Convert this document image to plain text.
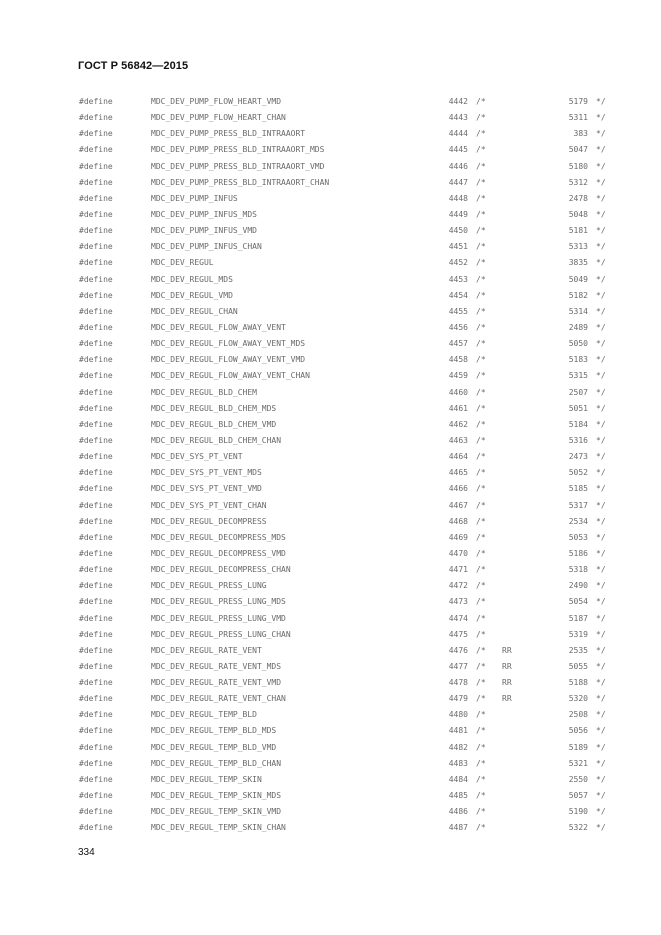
ГОСТ Р 56842—2015
#define	MDC_DEV_PUMP_FLOW_HEART_VMD	4442 /*	5179 */
#define	MDC_DEV_PUMP_FLOW_HEART_CHAN	4443 /*	5311 */
#define	MDC_DEV_PUMP_PRESS_BLD_INTRAAORT	4444 /*	383 */
#define	MDC_DEV_PUMP_PRESS_BLD_INTRAAORT_MDS	4445 /*	5047 */
#define	MDC_DEV_PUMP_PRESS_BLD_INTRAAORT_VMD	4446 /*	5180 */
#define	MDC_DEV_PUMP_PRESS_BLD_INTRAAORT_CHAN	4447 /*	5312 */
#define	MDC_DEV_PUMP_INFUS	4448 /*	2478 */
#define	MDC_DEV_PUMP_INFUS_MDS	4449 /*	5048 */
#define	MDC_DEV_PUMP_INFUS_VMD	4450 /*	5181 */
#define	MDC_DEV_PUMP_INFUS_CHAN	4451 /*	5313 */
#define	MDC_DEV_REGUL	4452 /*	3835 */
#define	MDC_DEV_REGUL_MDS	4453 /*	5049 */
#define	MDC_DEV_REGUL_VMD	4454 /*	5182 */
#define	MDC_DEV_REGUL_CHAN	4455 /*	5314 */
#define	MDC_DEV_REGUL_FLOW_AWAY_VENT	4456 /*	2489 */
#define	MDC_DEV_REGUL_FLOW_AWAY_VENT_MDS	4457 /*	5050 */
#define	MDC_DEV_REGUL_FLOW_AWAY_VENT_VMD	4458 /*	5183 */
#define	MDC_DEV_REGUL_FLOW_AWAY_VENT_CHAN	4459 /*	5315 */
#define	MDC_DEV_REGUL_BLD_CHEM	4460 /*	2507 */
#define	MDC_DEV_REGUL_BLD_CHEM_MDS	4461 /*	5051 */
#define	MDC_DEV_REGUL_BLD_CHEM_VMD	4462 /*	5184 */
#define	MDC_DEV_REGUL_BLD_CHEM_CHAN	4463 /*	5316 */
#define	MDC_DEV_SYS_PT_VENT	4464 /*	2473 */
#define	MDC_DEV_SYS_PT_VENT_MDS	4465 /*	5052 */
#define	MDC_DEV_SYS_PT_VENT_VMD	4466 /*	5185 */
#define	MDC_DEV_SYS_PT_VENT_CHAN	4467 /*	5317 */
#define	MDC_DEV_REGUL_DECOMPRESS	4468 /*	2534 */
#define	MDC_DEV_REGUL_DECOMPRESS_MDS	4469 /*	5053 */
#define	MDC_DEV_REGUL_DECOMPRESS_VMD	4470 /*	5186 */
#define	MDC_DEV_REGUL_DECOMPRESS_CHAN	4471 /*	5318 */
#define	MDC_DEV_REGUL_PRESS_LUNG	4472 /*	2490 */
#define	MDC_DEV_REGUL_PRESS_LUNG_MDS	4473 /*	5054 */
#define	MDC_DEV_REGUL_PRESS_LUNG_VMD	4474 /*	5187 */
#define	MDC_DEV_REGUL_PRESS_LUNG_CHAN	4475 /*	5319 */
#define	MDC_DEV_REGUL_RATE_VENT	4476 /* RR	2535 */
#define	MDC_DEV_REGUL_RATE_VENT_MDS	4477 /* RR	5055 */
#define	MDC_DEV_REGUL_RATE_VENT_VMD	4478 /* RR	5188 */
#define	MDC_DEV_REGUL_RATE_VENT_CHAN	4479 /* RR	5320 */
#define	MDC_DEV_REGUL_TEMP_BLD	4480 /*	2508 */
#define	MDC_DEV_REGUL_TEMP_BLD_MDS	4481 /*	5056 */
#define	MDC_DEV_REGUL_TEMP_BLD_VMD	4482 /*	5189 */
#define	MDC_DEV_REGUL_TEMP_BLD_CHAN	4483 /*	5321 */
#define	MDC_DEV_REGUL_TEMP_SKIN	4484 /*	2550 */
#define	MDC_DEV_REGUL_TEMP_SKIN_MDS	4485 /*	5057 */
#define	MDC_DEV_REGUL_TEMP_SKIN_VMD	4486 /*	5190 */
#define	MDC_DEV_REGUL_TEMP_SKIN_CHAN	4487 /*	5322 */
334
